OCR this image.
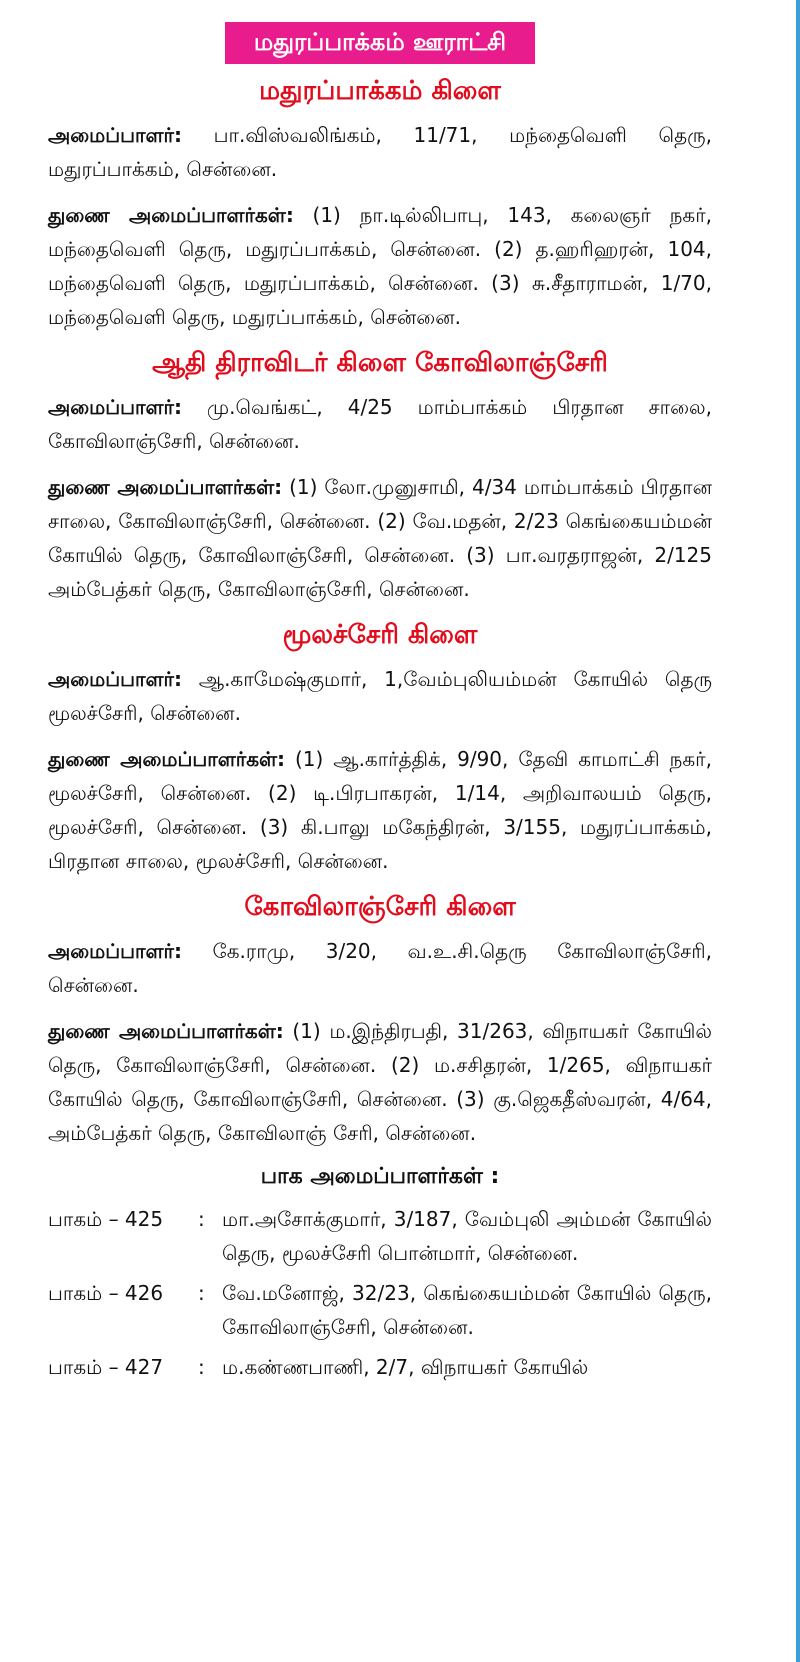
மதுரப்பாக்கம் ஊராட்சி
மதுரப்பாக்கம் கிளை

அமைப்பாளர்: பா.விஸ்வலிங்கம், 11/71, மந்தைவெளி தெரு, மதுரப்பாக்கம், சென்னை.

துணை அமைப்பாளர்கள்: (1) நா.டில்லிபாபு, 143, கலைஞர் நகர், மந்தைவெளி தெரு, மதுரப்பாக்கம், சென்னை. (2) த.ஹரிஹரன், 104, மந்தைவெளி தெரு, மதுரப்பாக்கம், சென்னை. (3) சு.சீதாராமன், 1/70, மந்தைவெளி தெரு, மதுரப்பாக்கம், சென்னை.

ஆதி திராவிடர் கிளை கோவிலாஞ்சேரி

அமைப்பாளர்: மு.வெங்கட், 4/25 மாம்பாக்கம் பிரதான சாலை, கோவிலாஞ்சேரி, சென்னை.

துணை அமைப்பாளர்கள்: (1) லோ.முனுசாமி, 4/34 மாம்பாக்கம் பிரதான சாலை, கோவிலாஞ்சேரி, சென்னை. (2) வே.மதன், 2/23 கெங்கையம்மன் கோயில் தெரு, கோவிலாஞ்சேரி, சென்னை. (3) பா.வரதராஜன், 2/125 அம்பேத்கர் தெரு, கோவிலாஞ்சேரி, சென்னை.

மூலச்சேரி கிளை

அமைப்பாளர்: ஆ.காமேஷ்குமார், 1,வேம்புலியம்மன் கோயில் தெரு மூலச்சேரி, சென்னை.

துணை அமைப்பாளர்கள்: (1) ஆ.கார்த்திக், 9/90, தேவி காமாட்சி நகர், மூலச்சேரி, சென்னை. (2) டி.பிரபாகரன், 1/14, அறிவாலயம் தெரு, மூலச்சேரி, சென்னை. (3) கி.பாலு மகேந்திரன், 3/155, மதுரப்பாக்கம், பிரதான சாலை, மூலச்சேரி, சென்னை.

கோவிலாஞ்சேரி கிளை

அமைப்பாளர்: கே.ராமு, 3/20, வ.உ.சி.தெரு கோவிலாஞ்சேரி, சென்னை.

துணை அமைப்பாளர்கள்: (1) ம.இந்திரபதி, 31/263, விநாயகர் கோயில் தெரு, கோவிலாஞ்சேரி, சென்னை. (2) ம.சசிதரன், 1/265, விநாயகர் கோயில் தெரு, கோவிலாஞ்சேரி, சென்னை. (3) கு.ஜெகதீஸ்வரன், 4/64, அம்பேத்கர் தெரு, கோவிலாஞ் சேரி, சென்னை.

பாக அமைப்பாளர்கள் :
பாகம் – 425	: மா.அசோக்குமார், 3/187, வேம்புலி அம்மன் கோயில் தெரு, மூலச்சேரி பொன்மார், சென்னை.
பாகம் – 426	: வே.மனோஜ், 32/23, கெங்கையம்மன் கோயில் தெரு, கோவிலாஞ்சேரி, சென்னை.
பாகம் – 427	: ம.கண்ணபாணி, 2/7, விநாயகர் கோயில்
